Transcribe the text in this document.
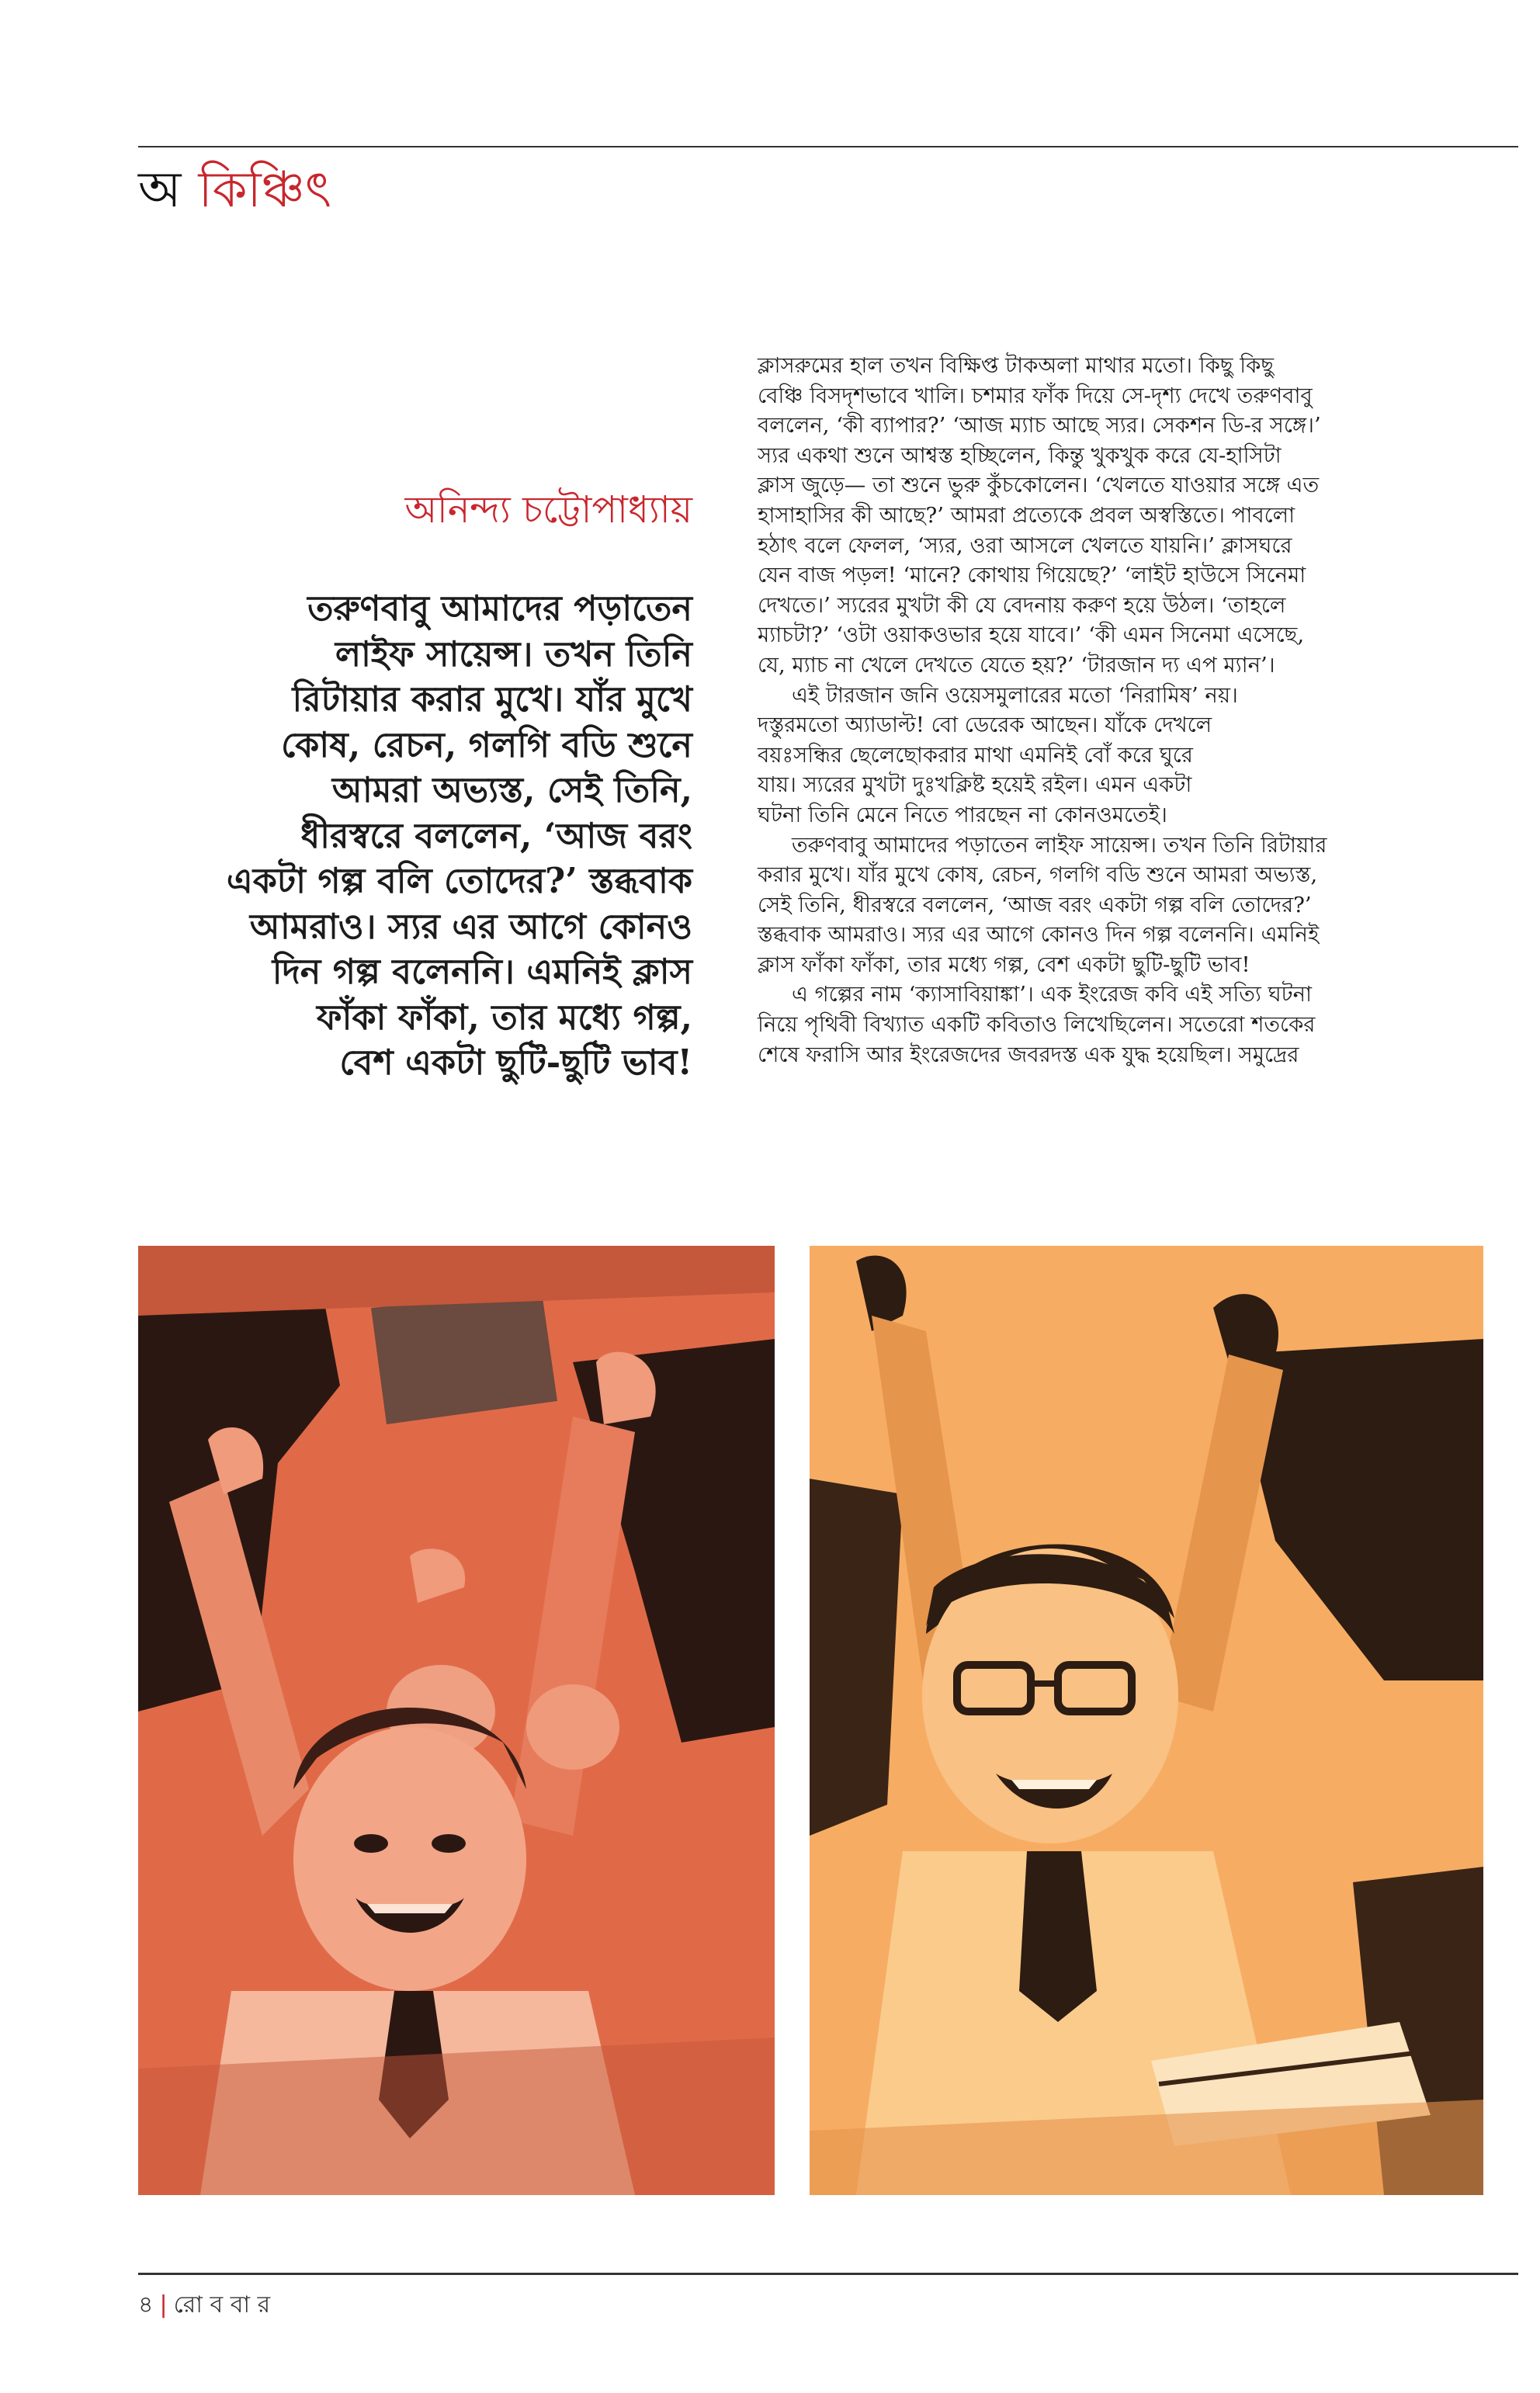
অ কিঞ্চিৎ
অনিন্দ্য চট্টোপাধ্যায়

তরুণবাবু আমাদের পড়াতেন

লাইফ সায়েন্স। তখন তিনি

রিটায়ার করার মুখে। যাঁর মুখে

কোষ, রেচন, গলগি বডি শুনে

আমরা অভ্যস্ত, সেই তিনি,

ধীরস্বরে বললেন, ‘আজ বরং

একটা গল্প বলি তোদের?’ স্তব্ধবাক

আমরাও। স্যর এর আগে কোনও

দিন গল্প বলেননি। এমনিই ক্লাস

ফাঁকা ফাঁকা, তার মধ্যে গল্প,

বেশ একটা ছুটি-ছুটি ভাব!

ক্লাসরুমের হাল তখন বিক্ষিপ্ত টাকঅলা মাথার মতো। কিছু কিছু

বেঞ্চি বিসদৃশভাবে খালি। চশমার ফাঁক দিয়ে সে-দৃশ্য দেখে তরুণবাবু

বললেন, ‘কী ব্যাপার?’ ‘আজ ম্যাচ আছে স্যর। সেকশন ডি-র সঙ্গে।’

স্যর একথা শুনে আশ্বস্ত হচ্ছিলেন, কিন্তু খুকখুক করে যে-হাসিটা

ক্লাস জুড়ে— তা শুনে ভুরু কুঁচকোলেন। ‘খেলতে যাওয়ার সঙ্গে এত

হাসাহাসির কী আছে?’ আমরা প্রত্যেকে প্রবল অস্বস্তিতে। পাবলো

হঠাৎ বলে ফেলল, ‘স্যর, ওরা আসলে খেলতে যায়নি।’ ক্লাসঘরে

যেন বাজ পড়ল! ‘মানে? কোথায় গিয়েছে?’ ‘লাইট হাউসে সিনেমা

দেখতে।’ স্যরের মুখটা কী যে বেদনায় করুণ হয়ে উঠল। ‘তাহলে

ম্যাচটা?’ ‘ওটা ওয়াকওভার হয়ে যাবে।’ ‘কী এমন সিনেমা এসেছে,

যে, ম্যাচ না খেলে দেখতে যেতে হয়?’ ‘টারজান দ্য এপ ম্যান’।

এই টারজান জনি ওয়েসমুলারের মতো ‘নিরামিষ’ নয়।

দস্তুরমতো অ্যাডাল্ট! বো ডেরেক আছেন। যাঁকে দেখলে

বয়ঃসন্ধির ছেলেছোকরার মাথা এমনিই বোঁ করে ঘুরে

যায়। স্যরের মুখটা দুঃখক্লিষ্ট হয়েই রইল। এমন একটা

ঘটনা তিনি মেনে নিতে পারছেন না কোনওমতেই।

তরুণবাবু আমাদের পড়াতেন লাইফ সায়েন্স। তখন তিনি রিটায়ার

করার মুখে। যাঁর মুখে কোষ, রেচন, গলগি বডি শুনে আমরা অভ্যস্ত,

সেই তিনি, ধীরস্বরে বললেন, ‘আজ বরং একটা গল্প বলি তোদের?’

স্তব্ধবাক আমরাও। স্যর এর আগে কোনও দিন গল্প বলেননি। এমনিই

ক্লাস ফাঁকা ফাঁকা, তার মধ্যে গল্প, বেশ একটা ছুটি-ছুটি ভাব!

এ গল্পের নাম ‘ক্যাসাবিয়াঙ্কা’। এক ইংরেজ কবি এই সত্যি ঘটনা

নিয়ে পৃথিবী বিখ্যাত একটি কবিতাও লিখেছিলেন। সতেরো শতকের

শেষে ফরাসি আর ইংরেজদের জবরদস্ত এক যুদ্ধ হয়েছিল। সমুদ্রের

৪ | রো ব বা র
